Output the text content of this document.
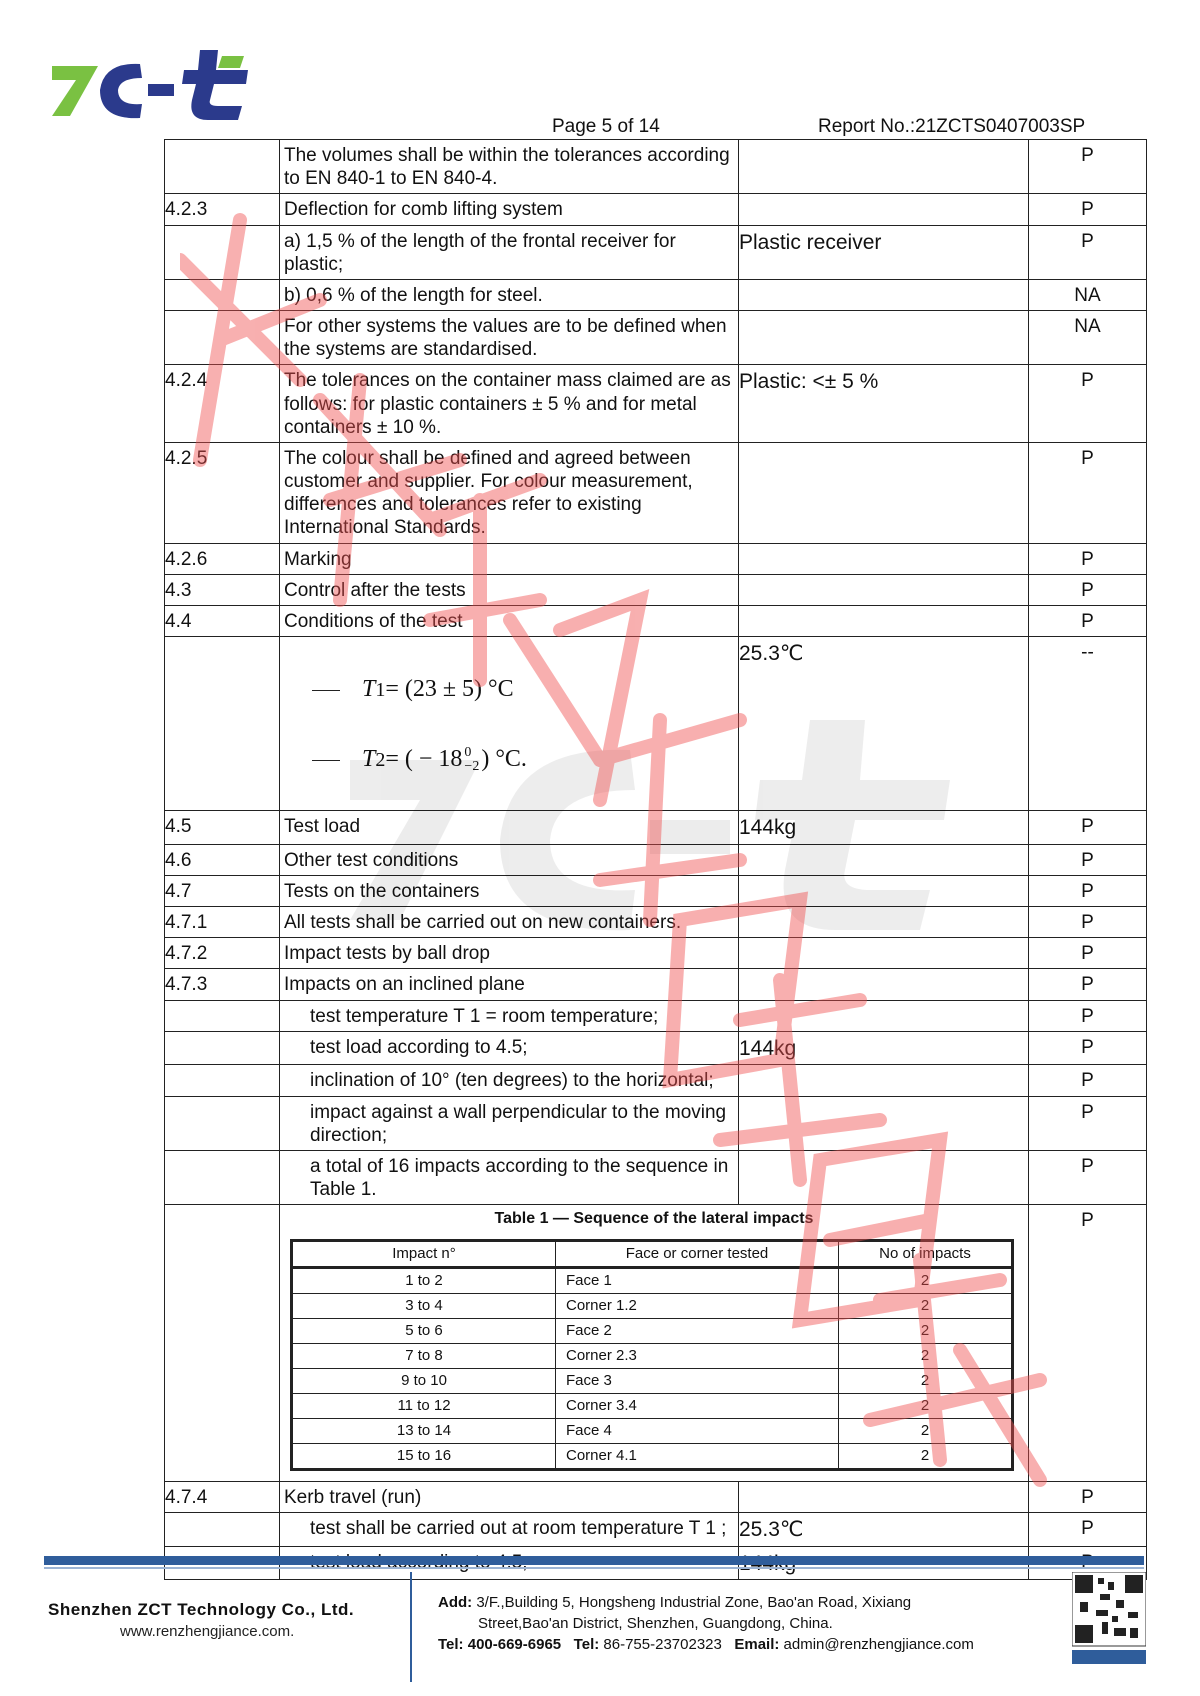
Page 5 of 14	Report No.:21ZCTS0407003SP
	The volumes shall be within the tolerances according to EN 840-1 to EN 840-4.		P
4.2.3	Deflection for comb lifting system		P
	a) 1,5 % of the length of the frontal receiver for plastic;	Plastic receiver	P
	b) 0,6 % of the length for steel.		NA
	For other systems the values are to be defined when the systems are standardised.		NA
4.2.4	The tolerances on the container mass claimed are as follows: for plastic containers ± 5 % and for metal containers ± 10 %.	Plastic: <± 5 %	P
4.2.5	The colour shall be defined and agreed between customer and supplier. For colour measurement, differences and tolerances refer to existing International Standards.		P
4.2.6	Marking		P
4.3	Control after the tests		P
4.4	Conditions of the test		P

T 1 = (23 ± 5) °C
T 2 = ( − 18 0
−2 ) °C.
	25.3℃	--
4.5	Test load	144kg	P
4.6	Other test conditions		P
4.7	Tests on the containers		P
4.7.1	All tests shall be carried out on new containers.		P
4.7.2	Impact tests by ball drop		P
4.7.3	Impacts on an inclined plane		P
	test temperature T 1 = room temperature;		P
	test load according to 4.5;	144kg	P
	inclination of 10° (ten degrees) to the horizontal;		P
	impact against a wall perpendicular to the moving direction;		P
	a total of 16 impacts according to the sequence in Table 1.		P

Table 1 — Sequence of the lateral impacts
Impact n°	Face or corner tested	No of impacts
1 to 2	Face 1	2
3 to 4	Corner 1.2	2
5 to 6	Face 2	2
7 to 8	Corner 2.3	2
9 to 10	Face 3	2
11 to 12	Corner 3.4	2
13 to 14	Face 4	2
15 to 16	Corner 4.1	2
	P
4.7.4	Kerb travel (run)		P
	test shall be carried out at room temperature T 1 ;	25.3℃	P

Shenzhen ZCT Technology Co., Ltd.
www.renzhengjiance.com.
Add: 3/F.,Building 5, Hongsheng Industrial Zone, Bao'an Road, Xixiang
Street,Bao'an District, Shenzhen, Guangdong, China.
Tel: 400-669-6965 Tel: 86-755-23702323 Email: admin@renzhengjiance.com
